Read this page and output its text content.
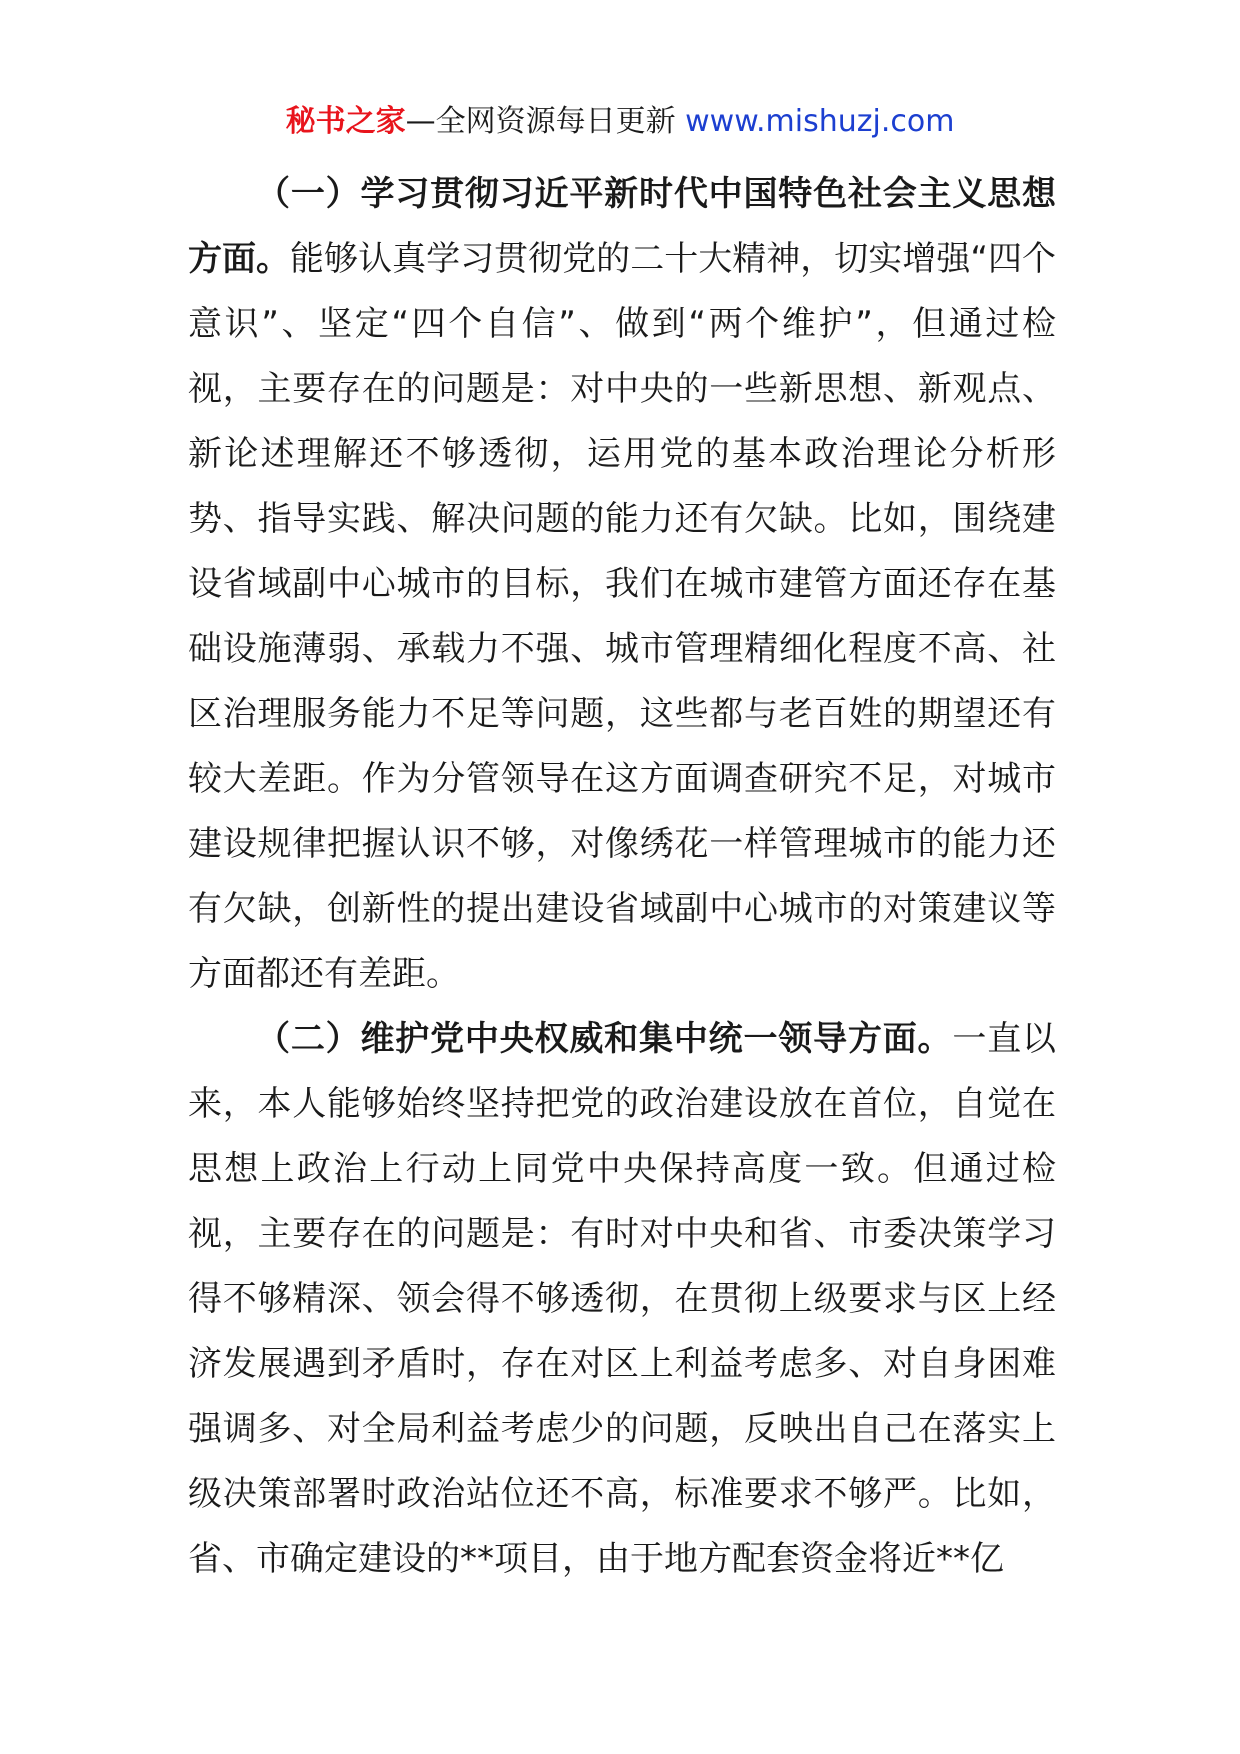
秘书之家—全网资源每日更新 www.mishuzj.com

（一）学习贯彻习近平新时代中国特色社会主义思想方面。能够认真学习贯彻党的二十大精神，切实增强“四个意识”、坚定“四个自信”、做到“两个维护”，但通过检视，主要存在的问题是：对中央的一些新思想、新观点、新论述理解还不够透彻，运用党的基本政治理论分析形势、指导实践、解决问题的能力还有欠缺。比如，围绕建设省域副中心城市的目标，我们在城市建管方面还存在基础设施薄弱、承载力不强、城市管理精细化程度不高、社区治理服务能力不足等问题，这些都与老百姓的期望还有较大差距。作为分管领导在这方面调查研究不足，对城市建设规律把握认识不够，对像绣花一样管理城市的能力还有欠缺，创新性的提出建设省域副中心城市的对策建议等方面都还有差距。

（二）维护党中央权威和集中统一领导方面。一直以来，本人能够始终坚持把党的政治建设放在首位，自觉在思想上政治上行动上同党中央保持高度一致。但通过检视，主要存在的问题是：有时对中央和省、市委决策学习得不够精深、领会得不够透彻，在贯彻上级要求与区上经济发展遇到矛盾时，存在对区上利益考虑多、对自身困难强调多、对全局利益考虑少的问题，反映出自己在落实上级决策部署时政治站位还不高，标准要求不够严。比如，省、市确定建设的**项目，由于地方配套资金将近**亿
